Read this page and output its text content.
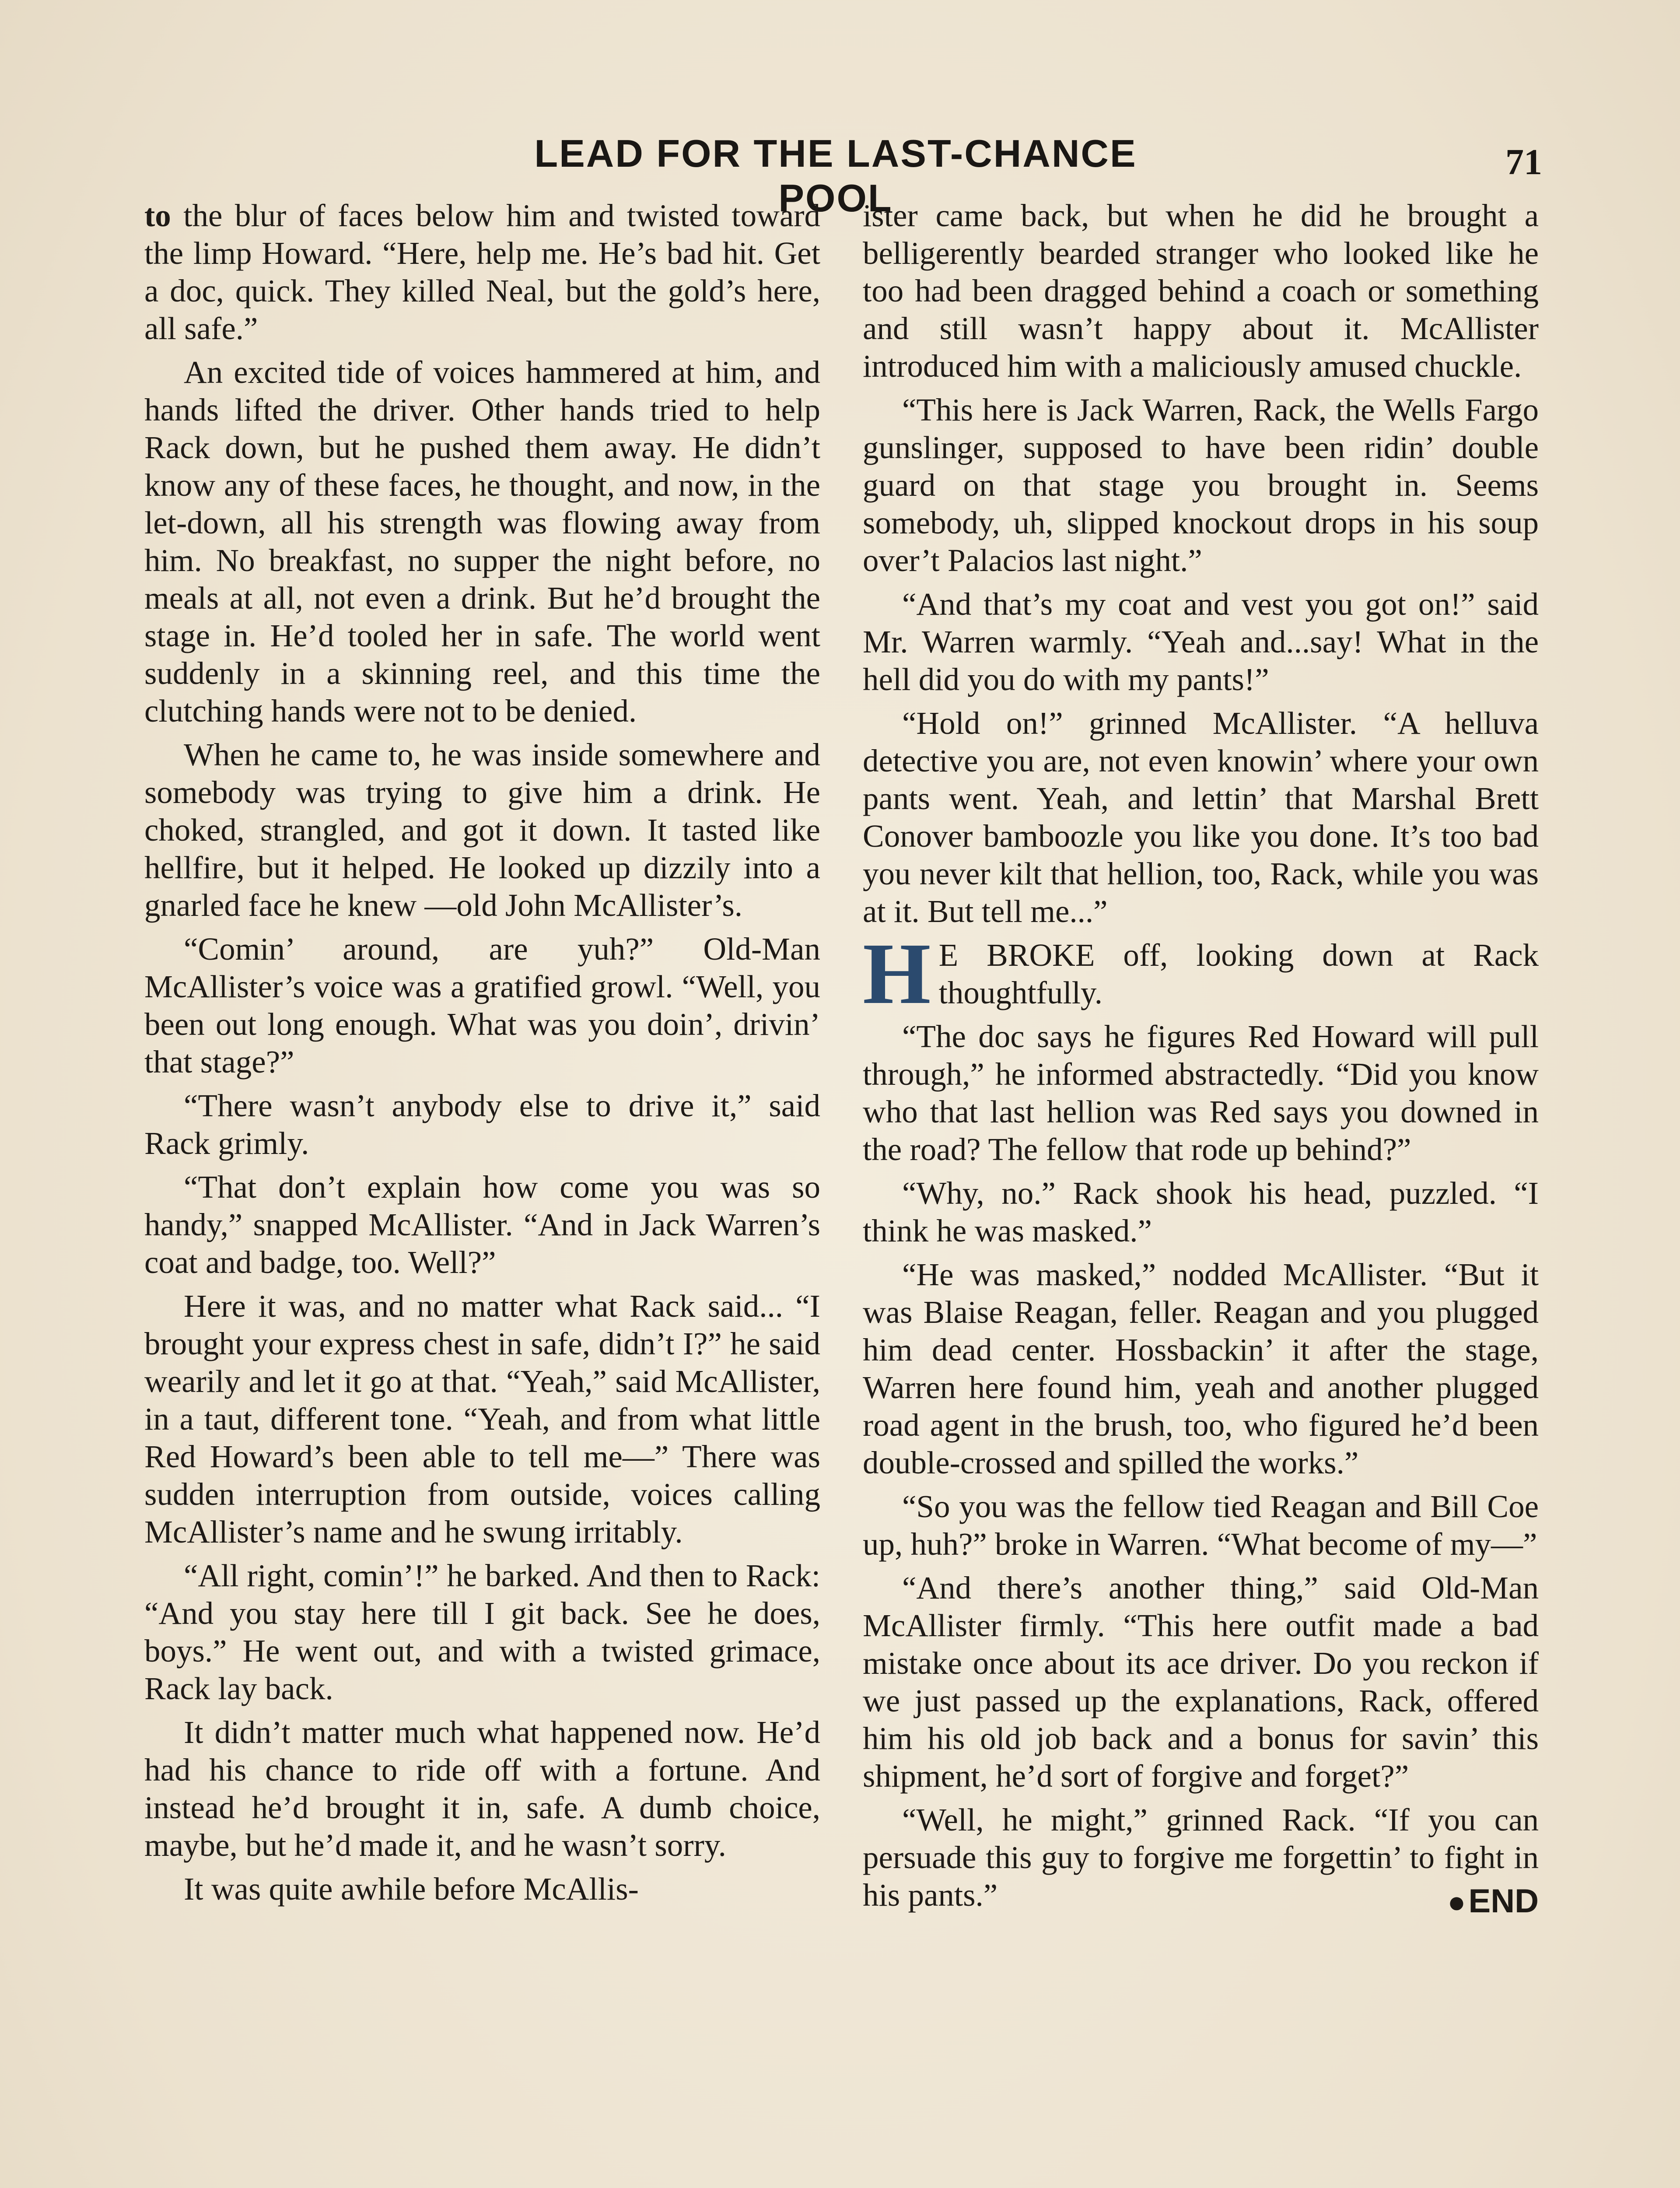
LEAD FOR THE LAST-CHANCE POOL
71

to the blur of faces below him and twisted toward the limp Howard. “Here, help me. He’s bad hit. Get a doc, quick. They killed Neal, but the gold’s here, all safe.”

An excited tide of voices hammered at him, and hands lifted the driver. Other hands tried to help Rack down, but he pushed them away. He didn’t know any of these faces, he thought, and now, in the let-down, all his strength was flowing away from him. No breakfast, no supper the night before, no meals at all, not even a drink. But he’d brought the stage in. He’d tooled her in safe. The world went suddenly in a skinning reel, and this time the clutching hands were not to be denied.

When he came to, he was inside somewhere and somebody was trying to give him a drink. He choked, strangled, and got it down. It tasted like hellfire, but it helped. He looked up dizzily into a gnarled face he knew —old John McAllister’s.

“Comin’ around, are yuh?” Old-Man McAllister’s voice was a gratified growl. “Well, you been out long enough. What was you doin’, drivin’ that stage?”

“There wasn’t anybody else to drive it,” said Rack grimly.

“That don’t explain how come you was so handy,” snapped McAllister. “And in Jack Warren’s coat and badge, too. Well?”

Here it was, and no matter what Rack said... “I brought your express chest in safe, didn’t I?” he said wearily and let it go at that. “Yeah,” said McAllister, in a taut, different tone. “Yeah, and from what little Red Howard’s been able to tell me—” There was sudden interruption from outside, voices calling McAllister’s name and he swung irritably.

“All right, comin’!” he barked. And then to Rack: “And you stay here till I git back. See he does, boys.” He went out, and with a twisted grimace, Rack lay back.

It didn’t matter much what happened now. He’d had his chance to ride off with a fortune. And instead he’d brought it in, safe. A dumb choice, maybe, but he’d made it, and he wasn’t sorry.

It was quite awhile before McAllis-

ister came back, but when he did he brought a belligerently bearded stranger who looked like he too had been dragged behind a coach or something and still wasn’t happy about it. McAllister introduced him with a maliciously amused chuckle.

“This here is Jack Warren, Rack, the Wells Fargo gunslinger, supposed to have been ridin’ double guard on that stage you brought in. Seems somebody, uh, slipped knockout drops in his soup over’t Palacios last night.”

“And that’s my coat and vest you got on!” said Mr. Warren warmly. “Yeah and...say! What in the hell did you do with my pants!”

“Hold on!” grinned McAllister. “A helluva detective you are, not even knowin’ where your own pants went. Yeah, and lettin’ that Marshal Brett Conover bamboozle you like you done. It’s too bad you never kilt that hellion, too, Rack, while you was at it. But tell me...”

H E BROKE off, looking down at Rack thoughtfully.

“The doc says he figures Red Howard will pull through,” he informed abstractedly. “Did you know who that last hellion was Red says you downed in the road? The fellow that rode up behind?”

“Why, no.” Rack shook his head, puzzled. “I think he was masked.”

“He was masked,” nodded McAllister. “But it was Blaise Reagan, feller. Reagan and you plugged him dead center. Hossbackin’ it after the stage, Warren here found him, yeah and another plugged road agent in the brush, too, who figured he’d been double-crossed and spilled the works.”

“So you was the fellow tied Reagan and Bill Coe up, huh?” broke in Warren. “What become of my—”

“And there’s another thing,” said Old-Man McAllister firmly. “This here outfit made a bad mistake once about its ace driver. Do you reckon if we just passed up the explanations, Rack, offered him his old job back and a bonus for savin’ this shipment, he’d sort of forgive and forget?”

“Well, he might,” grinned Rack. “If you can persuade this guy to forgive me forgettin’ to fight in his pants.”	●END
